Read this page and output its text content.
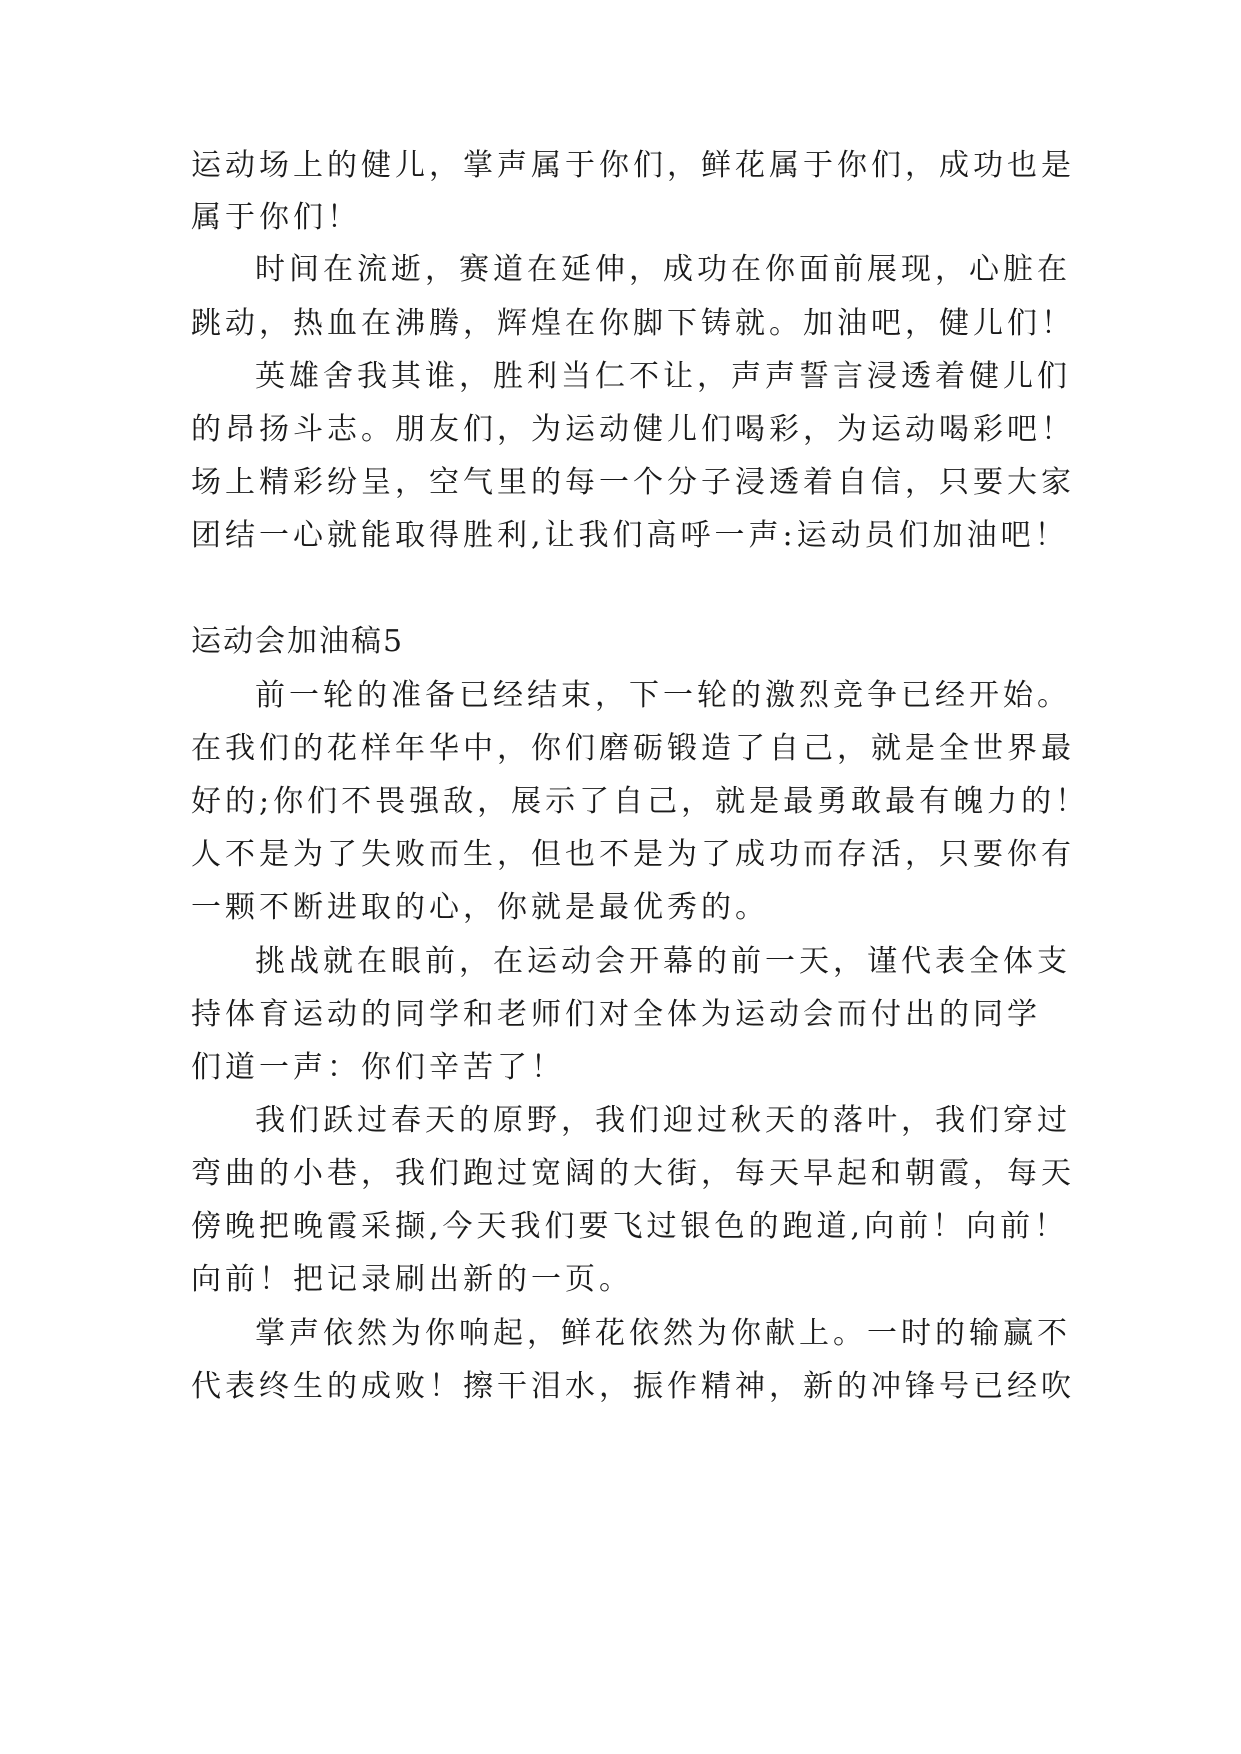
运动场上的健儿，掌声属于你们，鲜花属于你们，成功也是
属于你们！
时间在流逝，赛道在延伸，成功在你面前展现，心脏在
跳动，热血在沸腾，辉煌在你脚下铸就。加油吧，健儿们！
英雄舍我其谁，胜利当仁不让，声声誓言浸透着健儿们
的昂扬斗志。朋友们，为运动健儿们喝彩，为运动喝彩吧！
场上精彩纷呈，空气里的每一个分子浸透着自信，只要大家
团结一心就能取得胜利,让我们高呼一声:运动员们加油吧！
运动会加油稿5
前一轮的准备已经结束，下一轮的激烈竞争已经开始。
在我们的花样年华中，你们磨砺锻造了自己，就是全世界最
好的;你们不畏强敌，展示了自己，就是最勇敢最有魄力的！
人不是为了失败而生，但也不是为了成功而存活，只要你有
一颗不断进取的心，你就是最优秀的。
挑战就在眼前，在运动会开幕的前一天，谨代表全体支
持体育运动的同学和老师们对全体为运动会而付出的同学
们道一声：你们辛苦了！
我们跃过春天的原野，我们迎过秋天的落叶，我们穿过
弯曲的小巷，我们跑过宽阔的大街，每天早起和朝霞，每天
傍晚把晚霞采撷,今天我们要飞过银色的跑道,向前！向前！
向前！把记录刷出新的一页。
掌声依然为你响起，鲜花依然为你献上。一时的输赢不
代表终生的成败！擦干泪水，振作精神，新的冲锋号已经吹
